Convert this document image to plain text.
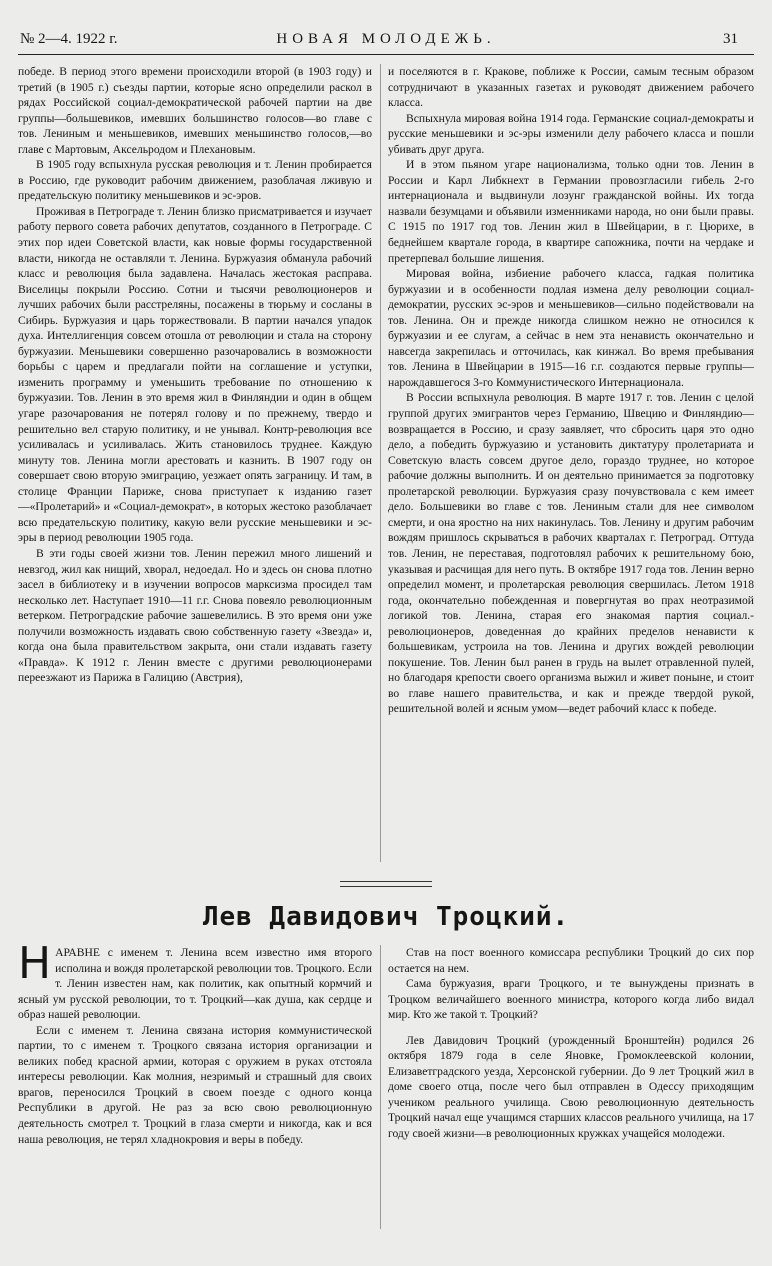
№ 2—4. 1922 г.	НОВАЯ МОЛОДЕЖЬ.	31

победе. В период этого времени происходили второй (в 1903 году) и третий (в 1905 г.) съезды партии, которые ясно определили раскол в рядах Российской социал-демократической рабочей партии на две группы—большевиков, имевших большинство голосов—во главе с тов. Лениным и меньшевиков, имевших меньшинство голосов,—во главе с Мартовым, Аксельродом и Плехановым.

В 1905 году вспыхнула русская революция и т. Ленин пробирается в Россию, где руководит рабочим движением, разоблачая лживую и предательскую политику меньшевиков и эс-эров.

Проживая в Петрограде т. Ленин близко присматривается и изучает работу первого совета рабочих депутатов, созданного в Петрограде. С этих пор идеи Советской власти, как новые формы государственной власти, никогда не оставляли т. Ленина. Буржуазия обманула рабочий класс и революция была задавлена. Началась жестокая расправа. Виселицы покрыли Россию. Сотни и тысячи революционеров и лучших рабочих были расстреляны, посажены в тюрьму и сосланы в Сибирь. Буржуазия и царь торжествовали. В партии начался упадок духа. Интеллигенция совсем отошла от революции и стала на сторону буржуазии. Меньшевики совершенно разочаровались в возможности борьбы с царем и предлагали пойти на соглашение и уступки, изменить программу и уменьшить требование по отношению к буржуазии. Тов. Ленин в это время жил в Финляндии и один в общем угаре разочарования не потерял голову и по прежнему, твердо и решительно вел старую политику, и не унывал. Контр-революция все усиливалась и усиливалась. Жить становилось труднее. Каждую минуту тов. Ленина могли арестовать и казнить. В 1907 году он совершает свою вторую эмиграцию, уезжает опять заграницу. И там, в столице Франции Париже, снова приступает к изданию газет—«Пролетарий» и «Социал-демократ», в которых жестоко разоблачает всю предательскую политику, какую вели русские меньшевики и эс-эры в период революции 1905 года.

В эти годы своей жизни тов. Ленин пережил много лишений и невзгод, жил как нищий, хворал, недоедал. Но и здесь он снова плотно засел в библиотеку и в изучении вопросов марксизма просидел там несколько лет. Наступает 1910—11 г.г. Снова повеяло революционным ветерком. Петроградские рабочие зашевелились. В это время они уже получили возможность издавать свою собственную газету «Звезда» и, когда она была правительством закрыта, они стали издавать газету «Правда». К 1912 г. Ленин вместе с другими революционерами переезжают из Парижа в Галицию (Австрия),

и поселяются в г. Кракове, поближе к России, самым тесным образом сотрудничают в указанных газетах и руководят движением рабочего класса.

Вспыхнула мировая война 1914 года. Германские социал-демократы и русские меньшевики и эс-эры изменили делу рабочего класса и пошли убивать друг друга.

И в этом пьяном угаре национализма, только одни тов. Ленин в России и Карл Либкнехт в Германии провозгласили гибель 2-го интернационала и выдвинули лозунг гражданской войны. Их тогда назвали безумцами и объявили изменниками народа, но они были правы. С 1915 по 1917 год тов. Ленин жил в Швейцарии, в г. Цюрихе, в беднейшем квартале города, в квартире сапожника, почти на чердаке и претерпевал большие лишения.

Мировая война, избиение рабочего класса, гадкая политика буржуазии и в особенности подлая измена делу революции социал-демократии, русских эс-эров и меньшевиков—сильно подействовали на тов. Ленина. Он и прежде никогда слишком нежно не относился к буржуазии и ее слугам, а сейчас в нем эта ненависть окончательно и навсегда закрепилась и отточилась, как кинжал. Во время пребывания тов. Ленина в Швейцарии в 1915—16 г.г. создаются первые группы—нарождавшегося 3-го Коммунистического Интернационала.

В России вспыхнула революция. В марте 1917 г. тов. Ленин с целой группой других эмигрантов через Германию, Швецию и Финляндию—возвращается в Россию, и сразу заявляет, что сбросить царя это одно дело, а победить буржуазию и установить диктатуру пролетариата и Советскую власть совсем другое дело, гораздо труднее, но которое рабочие должны выполнить. И он деятельно принимается за подготовку пролетарской революции. Буржуазия сразу почувствовала с кем имеет дело. Большевики во главе с тов. Лениным стали для нее символом смерти, и она яростно на них накинулась. Тов. Ленину и другим рабочим вождям пришлось скрываться в рабочих кварталах г. Петроград. Оттуда тов. Ленин, не переставая, подготовлял рабочих к решительному бою, указывая и расчищая для него путь. В октябре 1917 года тов. Ленин верно определил момент, и пролетарская революция свершилась. Летом 1918 года, окончательно побежденная и повергнутая во прах неотразимой логикой тов. Ленина, старая его знакомая партия социал.-революционеров, доведенная до крайних пределов ненависти к большевикам, устроила на тов. Ленина и других вождей революции покушение. Тов. Ленин был ранен в грудь на вылет отравленной пулей, но благодаря крепости своего организма выжил и живет поныне, и стоит во главе нашего правительства, и как и прежде твердой рукой, решительной волей и ясным умом—ведет рабочий класс к победе.

Лев Давидович Троцкий.

НАРАВНЕ с именем т. Ленина всем известно имя второго исполина и вождя пролетарской революции тов. Троцкого. Если т. Ленин известен нам, как политик, как опытный кормчий и ясный ум русской революции, то т. Троцкий—как душа, как сердце и образ нашей революции.

Если с именем т. Ленина связана история коммунистической партии, то с именем т. Троцкого связана история организации и великих побед красной армии, которая с оружием в руках отстояла интересы революции. Как молния, незримый и страшный для своих врагов, переносился Троцкий в своем поезде с одного конца Республики в другой. Не раз за всю свою революционную деятельность смотрел т. Троцкий в глаза смерти и никогда, как и вся наша революция, не терял хладнокровия и веры в победу.

Став на пост военного комиссара республики Троцкий до сих пор остается на нем.

Сама буржуазия, враги Троцкого, и те вынуждены признать в Троцком величайшего военного министра, которого когда либо видал мир. Кто же такой т. Троцкий?

Лев Давидович Троцкий (урожденный Бронштейн) родился 26 октября 1879 года в селе Яновке, Громоклеевской колонии, Елизаветградского уезда, Херсонской губернии. До 9 лет Троцкий жил в доме своего отца, после чего был отправлен в Одессу приходящим учеником реального училища. Свою революционную деятельность Троцкий начал еще учащимся старших классов реального училища, на 17 году своей жизни—в революционных кружках учащейся молодежи.
